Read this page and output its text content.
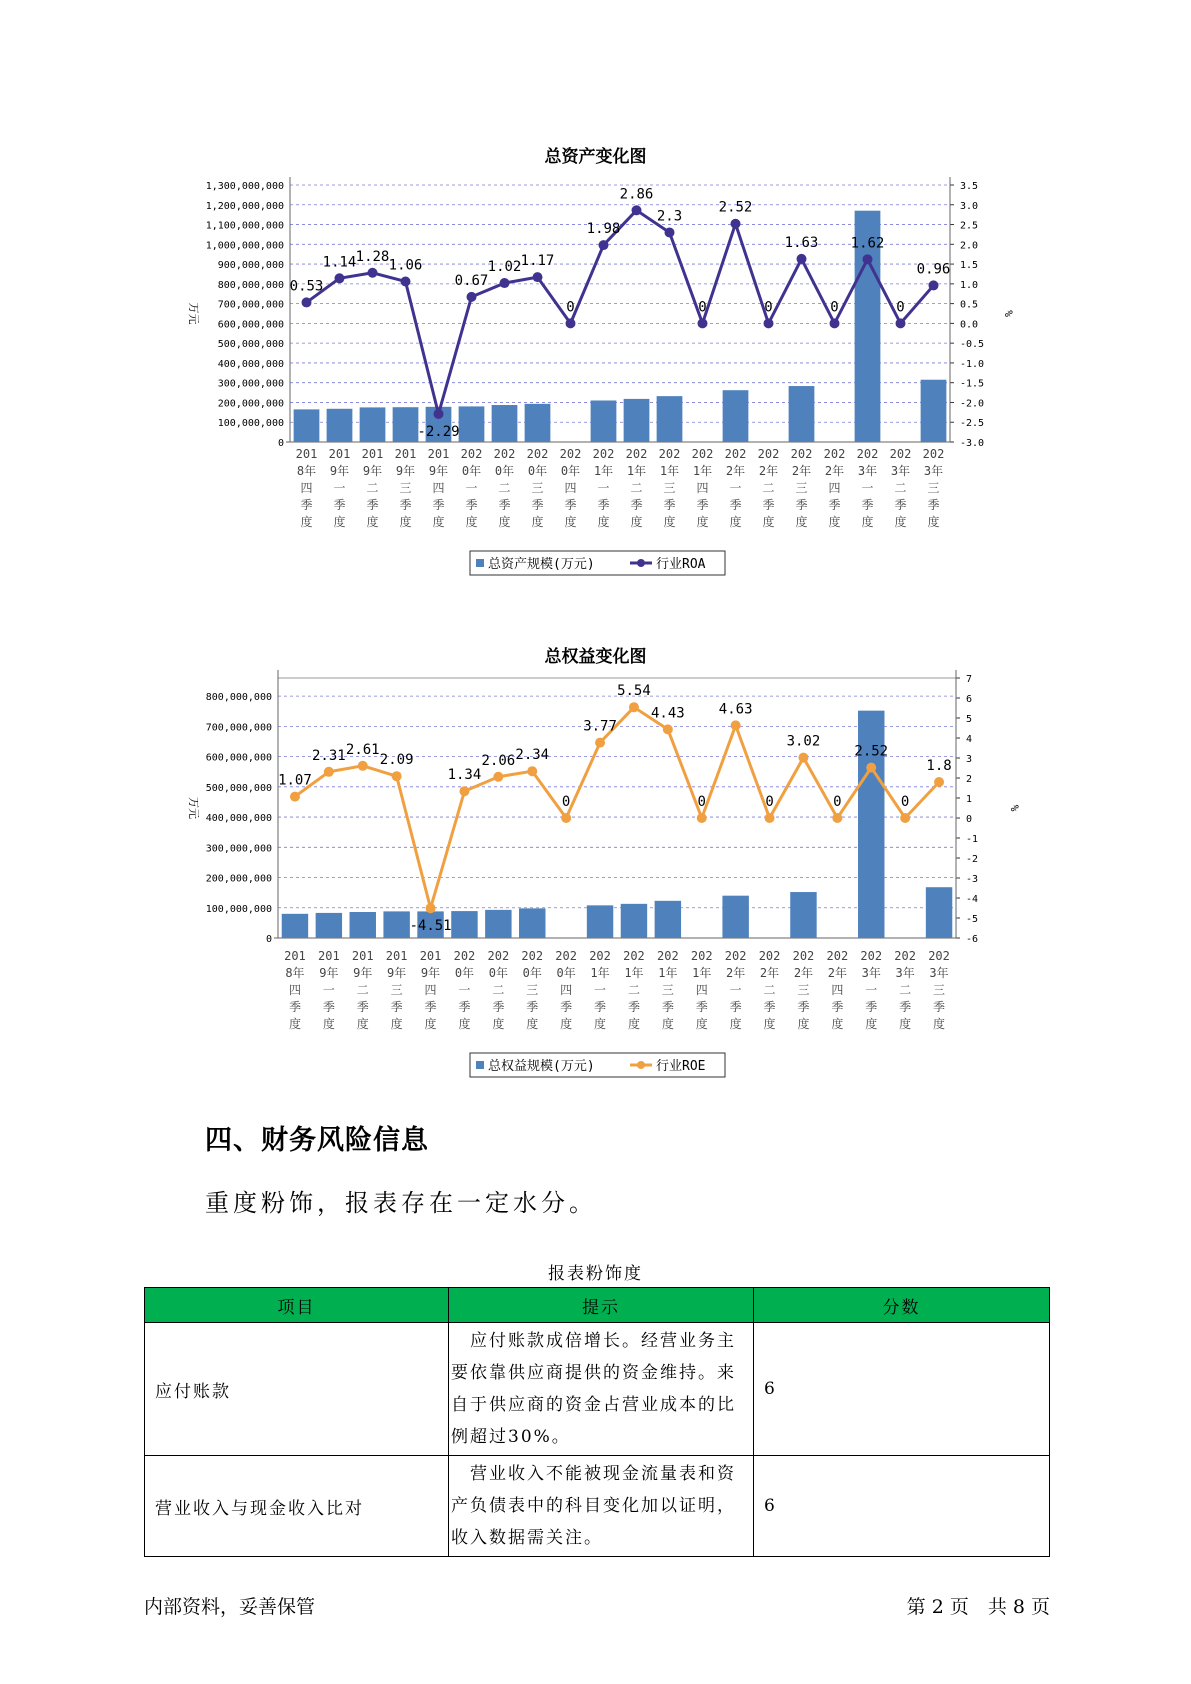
总资产变化图
1,300,000,000
1,200,000,000
1,100,000,000
1,000,000,000
900,000,000
800,000,000
700,000,000
600,000,000
500,000,000
400,000,000
300,000,000
200,000,000
100,000,000
0
3.5
3.0
2.5
2.0
1.5
1.0
0.5
0.0
-0.5
-1.0
-1.5
-2.0
-2.5
-3.0
万元	%
0.53
1.14 1.28
1.06
-2.29
0.67
1.02 1.17
0
1.98
2.86
2.3
0
2.52
0
1.63
0
1.62
0
0.96
201
8年
四
季
度
201
9年
一
季
度
201
9年
二
季
度
201
9年
三
季
度
201
9年
四
季
度
202
0年
一
季
度
202
0年
二
季
度
202
0年
三
季
度
202
0年
四
季
度
202
1年
一
季
度
202
1年
二
季
度
202
1年
三
季
度
202
1年
四
季
度
202
2年
一
季
度
202
2年
二
季
度
202
2年
三
季
度
202
2年
四
季
度
202
3年
一
季
度
202
3年
二
季
度
202
3年
三
季
度
总资产规模(万元)	行业ROA
总权益变化图
800,000,000
700,000,000
600,000,000
500,000,000
400,000,000
300,000,000
200,000,000
100,000,000
0
7
6
5
4
3
2
1
0
-1
-2
-3
-4
-5
-6
万元	%
1.07
2.31 2.61
2.09
-4.51
1.34
2.06 2.34
0
3.77
5.54
4.43
0
4.63
0
3.02
0
2.52
0
1.8
201
8年
四
季
度
201
9年
一
季
度
201
9年
二
季
度
201
9年
三
季
度
201
9年
四
季
度
202
0年
一
季
度
202
0年
二
季
度
202
0年
三
季
度
202
0年
四
季
度
202
1年
一
季
度
202
1年
二
季
度
202
1年
三
季
度
202
1年
四
季
度
202
2年
一
季
度
202
2年
二
季
度
202
2年
三
季
度
202
2年
四
季
度
202
3年
一
季
度
202
3年
二
季
度
202
3年
三
季
度
总权益规模(万元)	行业ROE
四、财务风险信息
重度粉饰，报表存在一定水分。
报表粉饰度
项目	提示	分数
应付账款	　应付账款成倍增长。经营业务主要依靠供应商提供的资金维持。来自于供应商的资金占营业成本的比例超过30%。	6
营业收入与现金收入比对	　营业收入不能被现金流量表和资产负债表中的科目变化加以证明，收入数据需关注。	6
内部资料，妥善保管	第 2 页　共 8 页
